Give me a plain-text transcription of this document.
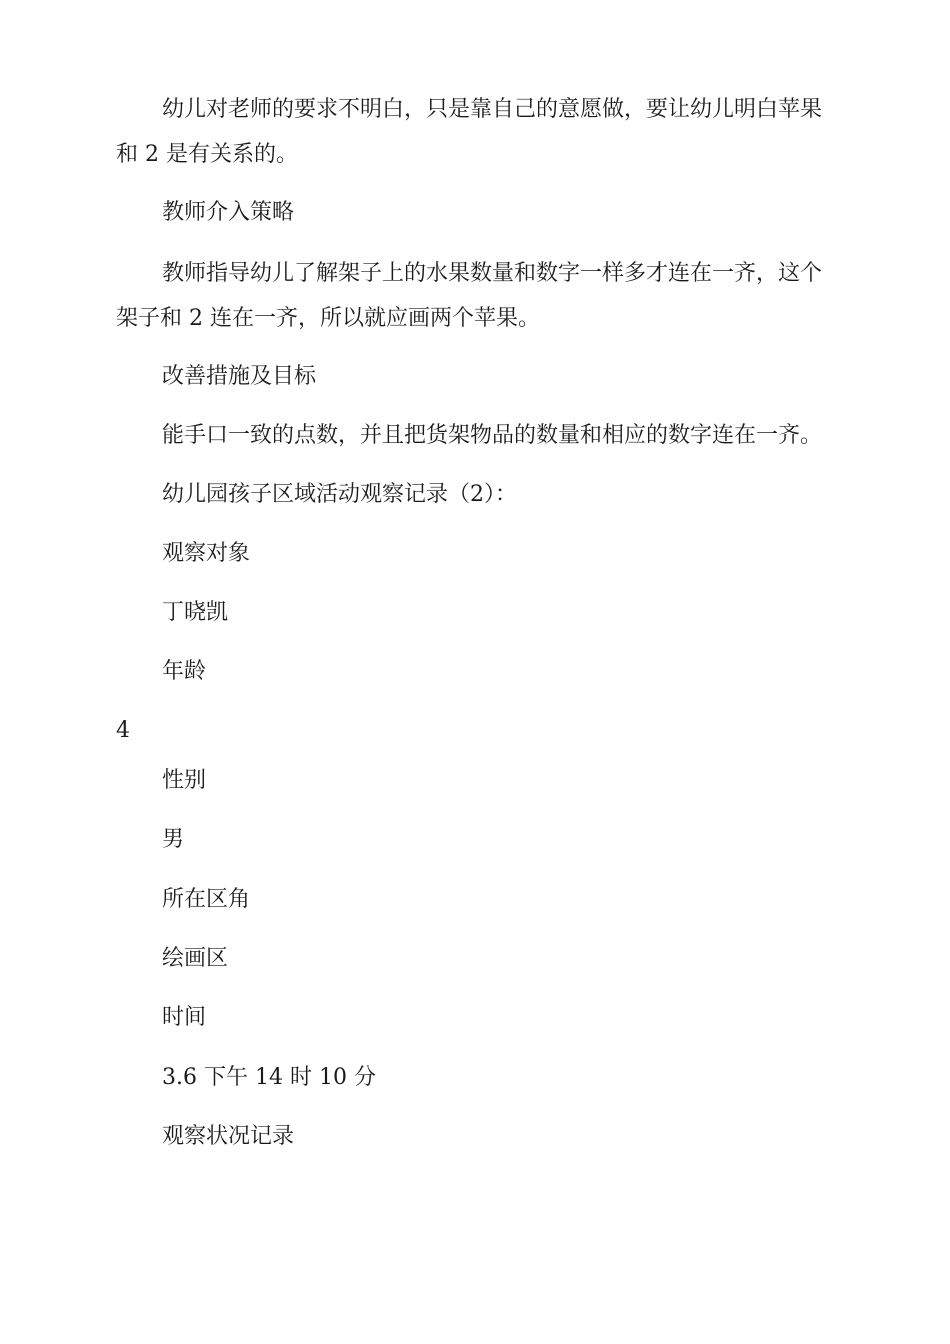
幼儿对老师的要求不明白，只是靠自己的意愿做，要让幼儿明白苹果
和 2 是有关系的。
教师介入策略
教师指导幼儿了解架子上的水果数量和数字一样多才连在一齐，这个
架子和 2 连在一齐，所以就应画两个苹果。
改善措施及目标
能手口一致的点数，并且把货架物品的数量和相应的数字连在一齐。
幼儿园孩子区域活动观察记录（2）：
观察对象
丁晓凯
年龄
4
性别
男
所在区角
绘画区
时间
3.6 下午 14 时 10 分
观察状况记录
